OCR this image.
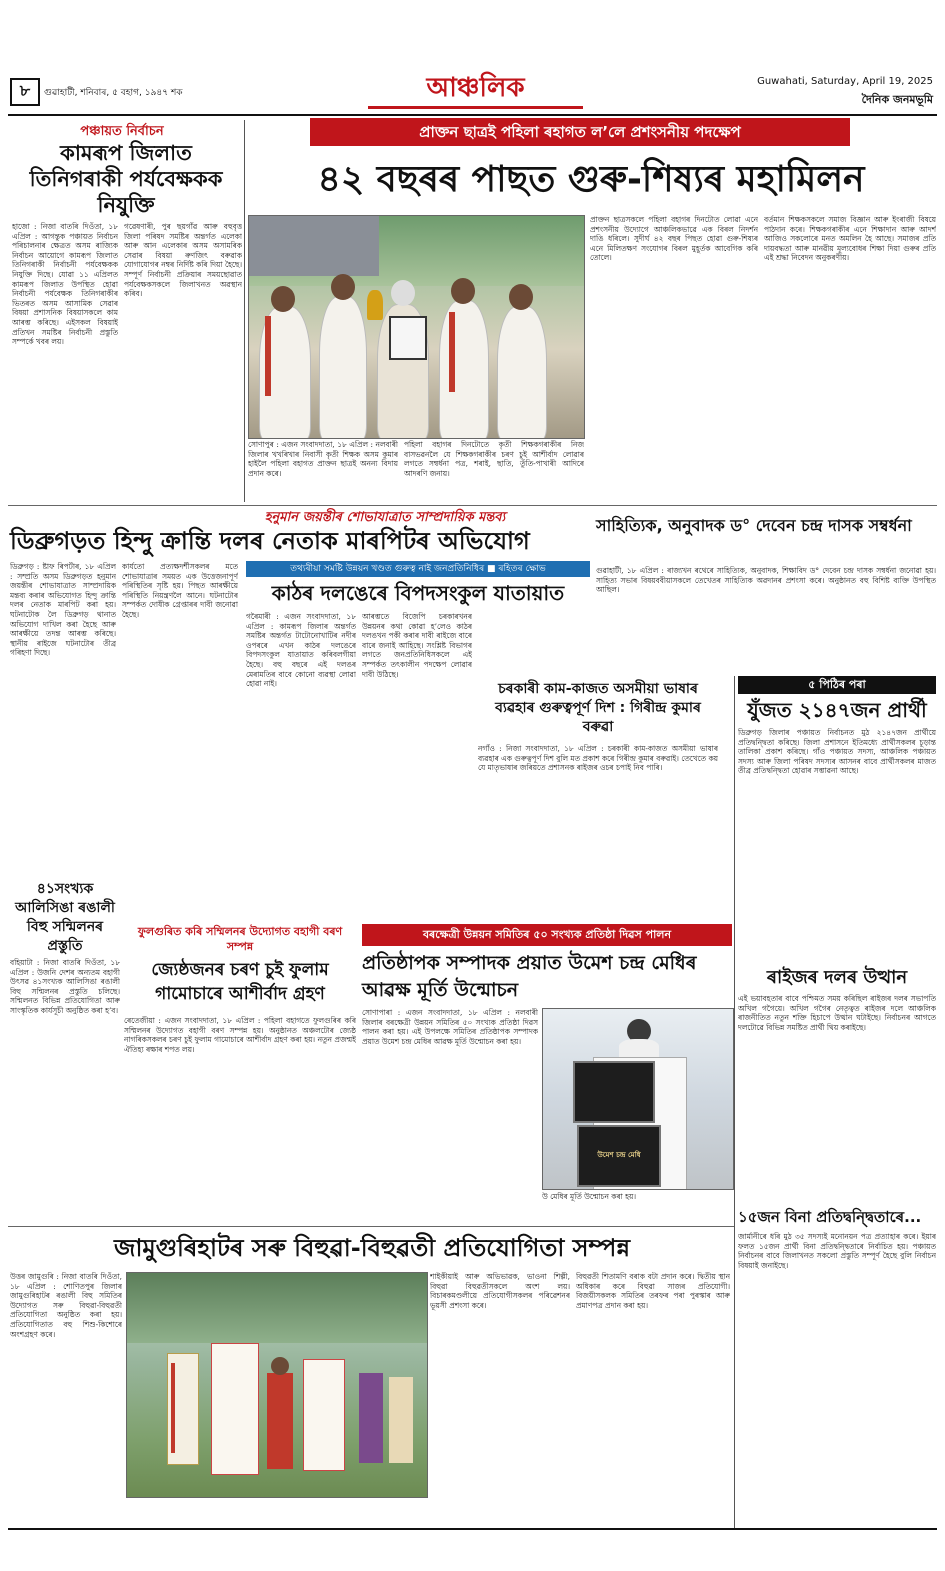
৮	গুৱাহাটী, শনিবাৰ, ৫ বহাগ, ১৯৪৭ শক	আঞ্চলিক	Guwahati, Saturday, April 19, 2025
দৈনিক জনমভূমি
পঞ্চায়ত নিৰ্বাচন
কামৰূপ জিলাত তিনিগৰাকী পৰ্যবেক্ষকক নিযুক্তি
হাজো : নিজা বাতৰি দিওঁতা, ১৮ এপ্ৰিল : আগন্তুক পঞ্চায়ত নিৰ্বাচন পৰিচালনাৰ ক্ষেত্ৰত অসম ৰাজ্যিক নিৰ্বাচন আয়োগে কামৰূপ জিলাত তিনিগৰাকী নিৰ্বাচনী পৰ্যবেক্ষকক নিযুক্তি দিছে। যোৱা ১১ এপ্ৰিলত কামৰূপ জিলাত উপস্থিত হোৱা নিৰ্বাচনী পৰ্যবেক্ষক তিনিগৰাকীৰ ভিতৰত অসম আসামিক সেৱাৰ বিষয়া প্ৰশাসনিক বিষয়াসকলে কাম আৰম্ভ কৰিছে। এইসকল বিষয়াই প্ৰতিখন সমষ্টিৰ নিৰ্বাচনী প্ৰস্তুতি সম্পৰ্কে খবৰ লয়।
গৱেষণাৰী, পুৰ ছয়গাঁৱ আৰু বহুবৃত্ত জিলা পৰিষদ সমষ্টিৰ অন্তৰ্গত এলেকা আৰু আন এলেকাৰ অসম অসামৰিক সেৱাৰ বিষয়া ৰুণজিৎ বৰুৱাক যোগাযোগৰ নম্বৰ নিৰ্দিষ্ট কৰি দিয়া হৈছে। সম্পূৰ্ণ নিৰ্বাচনী প্ৰক্ৰিয়াৰ সময়ছোৱাত পৰ্যবেক্ষকসকলে জিলাখনত অৱস্থান কৰিব।
প্ৰাক্তন ছাত্ৰই পহিলা ৰহাগত ল’লে প্ৰশংসনীয় পদক্ষেপ
৪২ বছৰৰ পাছত গুৰু-শিষ্যৰ মহামিলন
সোণাপুৰ : এজন সংবাদদাতা, ১৮ এপ্ৰিল : নলবাৰী জিলাৰ খখৰিখাৰ নিবাসী কৃতী শিক্ষক অসম কুমাৰ হাইলৈ পহিলা বহাগত প্ৰাক্তন ছাত্ৰই অনন্য বিদায় প্ৰদান কৰে।
পহিলা বহাগৰ দিনটোতে কৃতী শিক্ষকগৰাকীৰ নিজ বাসভৱনলৈ যে শিক্ষকগৰাকীৰ চৰণ চুই আশীৰ্বাদ লোৱাৰ লগতে সম্বৰ্ধনা পত্ৰ, শৰাই, ছাতি, তুঁতি-পাখাৰী আদিৰে আদৰণি জনায়।
প্ৰাক্তন ছাত্ৰসকলে পহিলা বহাগৰ দিনটোত লোৱা এনে প্ৰশংসনীয় উদ্যোগে আঞ্চলিকভাৱে এক বিৰল নিদৰ্শন দাঙি ধৰিলে। সুদীৰ্ঘ ৪২ বছৰ পিছত হোৱা গুৰু-শিষ্যৰ এনে মিলিতক্ষণ সংযোগৰ বিৰল মুহূৰ্তক আবেগিক কৰি তোলে।
বৰ্তমান শিক্ষকসকলে সমাজ বিজ্ঞান আৰু ইংৰাজী বিষয়ে পাঠদান কৰে। শিক্ষকগৰাকীৰ এনে শিক্ষাদান আৰু আদৰ্শ আজিও সকলোৰে মনত অমলিন হৈ আছে। সমাজৰ প্ৰতি দায়বদ্ধতা আৰু মানৱীয় মূল্যবোধৰ শিক্ষা দিয়া গুৰুৰ প্ৰতি এই শ্ৰদ্ধা নিবেদন অনুকৰণীয়।
হনুমান জয়ন্তীৰ শোভাযাত্ৰাত সাম্প্ৰদায়িক মন্তব্য
ডিব্ৰুগড়ত হিন্দু ক্ৰান্তি দলৰ নেতাক মাৰপিটৰ অভিযোগ
ডিব্ৰুগড় : ষ্টাফ ৰিপৰ্টাৰ, ১৮ এপ্ৰিল : সম্প্ৰতি অসম ডিব্ৰুগড়ত হনুমান জয়ন্তীৰ শোভাযাত্ৰাত সাম্প্ৰদায়িক মন্তব্য কৰাৰ অভিযোগত হিন্দু ক্ৰান্তি দলৰ নেতাক মাৰপিট কৰা হয়। ঘটনাটোক লৈ ডিব্ৰুগড় থানাত অভিযোগ দাখিল কৰা হৈছে আৰু আৰক্ষীয়ে তদন্ত আৰম্ভ কৰিছে। স্থানীয় ৰাইজে ঘটনাটোৰ তীব্ৰ গৰিহণা দিছে।
কাৰ্যতো প্ৰত্যক্ষদৰ্শীসকলৰ মতে শোভাযাত্ৰাৰ সময়ত এক উত্তেজনাপূৰ্ণ পৰিস্থিতিৰ সৃষ্টি হয়। পিছত আৰক্ষীয়ে পৰিস্থিতি নিয়ন্ত্ৰণলৈ আনে। ঘটনাটোৰ সম্পৰ্কত দোষীক গ্ৰেপ্তাৰৰ দাবী জনোৱা হৈছে।
সাহিত্যিক, অনুবাদক ড° দেবেন চন্দ্ৰ দাসক সম্বৰ্ধনা
গুৱাহাটী, ১৮ এপ্ৰিল : ৰাজ্যখন ৰথেৰে সাহিত্যিক, অনুবাদক, শিক্ষাবিদ ড° দেবেন চন্দ্ৰ দাসক সম্বৰ্ধনা জনোৱা হয়। সাহিত্য সভাৰ বিষয়ববীয়াসকলে তেখেতৰ সাহিত্যিক অৱদানৰ প্ৰশংসা কৰে। অনুষ্ঠানত বহু বিশিষ্ট ব্যক্তি উপস্থিত আছিল।
তথ্যৰীয়া সমষ্টি উন্নয়ন খণ্ডত গুৰুত্ব নাই জনপ্ৰতিনিধিৰ ■ ৰহিতৰ ক্ষোভ
কাঠৰ দলঙেৰে বিপদসংকুল যাতায়াত
গৰৈমাৰী : এজন সংবাদদাতা, ১৮ এপ্ৰিল : কামৰূপ জিলাৰ অন্তৰ্গত সমষ্টিৰ অন্তৰ্গত টাটোনোখাটিৰ নদীৰ ওপৰৰে এখন কাঠৰ দলঙেৰে বিপদসংকুল যাতায়াত কৰিবলগীয়া হৈছে। বহু বছৰে এই দলঙৰ মেৰামতিৰ বাবে কোনো ব্যৱস্থা লোৱা হোৱা নাই।
আৰম্ভতে বিজেপি চৰকাৰখনৰ উন্নয়নৰ কথা কোৱা হ’লেও কাঠৰ দলঙখন পকী কৰাৰ দাবী ৰাইজে বাৰে বাৰে জনাই আহিছে। সংশ্লিষ্ট বিভাগৰ লগতে জনপ্ৰতিনিধিসকলে এই সম্পৰ্কত তৎকালীন পদক্ষেপ লোৱাৰ দাবী উঠিছে।
চৰকাৰী কাম-কাজত অসমীয়া ভাষাৰ ব্যৱহাৰ গুৰুত্বপূৰ্ণ দিশ : গিৰীন্দ্ৰ কুমাৰ বৰুৱা
নগাঁও : নিজা সংবাদদাতা, ১৮ এপ্ৰিল : চৰকাৰী কাম-কাজত অসমীয়া ভাষাৰ ব্যৱহাৰ এক গুৰুত্বপূৰ্ণ দিশ বুলি মত প্ৰকাশ কৰে গিৰীন্দ্ৰ কুমাৰ বৰুৱাই। তেখেতে কয় যে মাতৃভাষাৰ জৰিয়তে প্ৰশাসনক ৰাইজৰ ওচৰ চপাই নিব পাৰি।
৫ পিঠিৰ পৰা
যুঁজত ২১৪৭জন প্ৰাৰ্থী
ডিব্ৰুগড় জিলাৰ পঞ্চায়ত নিৰ্বাচনত মুঠ ২১৪৭জন প্ৰাৰ্থীয়ে প্ৰতিদ্বন্দ্বিতা কৰিছে। জিলা প্ৰশাসনে ইতিমধ্যে প্ৰাৰ্থীসকলৰ চূড়ান্ত তালিকা প্ৰকাশ কৰিছে। গাঁও পঞ্চায়ত সদস্য, আঞ্চলিক পঞ্চায়ত সদস্য আৰু জিলা পৰিষদ সদস্যৰ আসনৰ বাবে প্ৰাৰ্থীসকলৰ মাজত তীব্ৰ প্ৰতিদ্বন্দ্বিতা হোৱাৰ সম্ভাৱনা আছে।
ৰাইজৰ দলৰ উত্থান
এই ভয়াবহতাৰ বাবে পশ্চিমত সময় কৰিছিল ৰাইজৰ দলৰ সভাপতি অখিল গগৈয়ে। অখিল গগৈৰ নেতৃত্বত ৰাইজৰ দলে আঞ্চলিক ৰাজনীতিত নতুন শক্তি হিচাপে উত্থান ঘটাইছে। নিৰ্বাচনৰ আগতে দলটোৱে বিভিন্ন সমষ্টিত প্ৰাৰ্থী থিয় কৰাইছে।
১৫জন বিনা প্ৰতিদ্বন্দ্বিতাৰে...
জাৰ্মানীৰে ধৰি মুঠ ৩৫ সদস্যই মনোনয়ন পত্ৰ প্ৰত্যাহাৰ কৰে। ইয়াৰ ফলত ১৫জন প্ৰাৰ্থী বিনা প্ৰতিদ্বন্দ্বিতাৰে নিৰ্বাচিত হয়। পঞ্চায়ত নিৰ্বাচনৰ বাবে জিলাখনত সকলো প্ৰস্তুতি সম্পূৰ্ণ হৈছে বুলি নিৰ্বাচন বিষয়াই জনাইছে।
৪১সংখ্যক আলিসিঙা ৰঙালী বিহু সন্মিলনৰ প্ৰস্তুতি
বহিয়াটা : নিজা বাতৰি দিওঁতা, ১৮ এপ্ৰিল : উজনি দেশৰ অন্যতম বহাগী উৎসৱ ৪১সংখ্যক আলিসিঙা ৰঙালী বিহু সন্মিলনৰ প্ৰস্তুতি চলিছে। সন্মিলনত বিভিন্ন প্ৰতিযোগিতা আৰু সাংস্কৃতিক কাৰ্যসূচী অনুষ্ঠিত কৰা হ’ব।
ফুলগুৰিত কৰি সম্মিলনৰ উদ্যোগত বহাগী বৰণ সম্পন্ন
জ্যেষ্ঠজনৰ চৰণ চুই ফুলাম গামোচাৰে আশীৰ্বাদ গ্ৰহণ
ৰেতেজীয়া : এজন সংবাদদাতা, ১৮ এপ্ৰিল : পহিলা বহাগতে ফুলগুৰিৰ কৰি সম্মিলনৰ উদ্যোগত বহাগী বৰণ সম্পন্ন হয়। অনুষ্ঠানত অঞ্চলটোৰ জ্যেষ্ঠ নাগৰিকসকলৰ চৰণ চুই ফুলাম গামোচাৰে আশীৰ্বাদ গ্ৰহণ কৰা হয়। নতুন প্ৰজন্মই ঐতিহ্য ৰক্ষাৰ শপত লয়।
বৰক্ষেত্ৰী উন্নয়ন সমিতিৰ ৫০ সংখ্যক প্ৰতিষ্ঠা দিৱস পালন
প্ৰতিষ্ঠাপক সম্পাদক প্ৰয়াত উমেশ চন্দ্ৰ মেধিৰ আৱক্ষ মূৰ্তি উন্মোচন
সোণাপাৰা : এজন সংবাদদাতা, ১৮ এপ্ৰিল : নলবাৰী জিলাৰ বৰক্ষেত্ৰী উন্নয়ন সমিতিৰ ৫০ সংখ্যক প্ৰতিষ্ঠা দিৱস পালন কৰা হয়। এই উপলক্ষে সমিতিৰ প্ৰতিষ্ঠাপক সম্পাদক প্ৰয়াত উমেশ চন্দ্ৰ মেধিৰ আৱক্ষ মূৰ্তি উন্মোচন কৰা হয়।
উমেশ চন্দ্ৰ মেধি
উ মেধিৰ মূৰ্তি উন্মোচন কৰা হয়।
জামুগুৰিহাটৰ সৰু বিহুৱা-বিহুৱতী প্ৰতিযোগিতা সম্পন্ন
উত্তৰ জামুগুৰি : নিজা বাতৰি দিওঁতা, ১৮ এপ্ৰিল : শোণিতপুৰ জিলাৰ জামুগুৰিহাটৰ ৰঙালী বিহু সমিতিৰ উদ্যোগত সৰু বিহুৱা-বিহুৱতী প্ৰতিযোগিতা অনুষ্ঠিত কৰা হয়। প্ৰতিযোগিতাত বহু শিশু-কিশোৰে অংশগ্ৰহণ কৰে।
শাইকীয়াই আৰু অভিভাৱক, ভাওনা শিল্পী, বিহুৱা বিহুৱতীসকলে অংশ লয়। বিচাৰকমণ্ডলীয়ে প্ৰতিযোগীসকলৰ পৰিৱেশনৰ ভূয়সী প্ৰশংসা কৰে।
বিহুৱতী শিতামণি বৰাক বটা প্ৰদান কৰে। দ্বিতীয় স্থান অধিকাৰ কৰে বিহুৱা সাজৰ প্ৰতিযোগী। বিজয়ীসকলক সমিতিৰ তৰফৰ পৰা পুৰস্কাৰ আৰু প্ৰমাণপত্ৰ প্ৰদান কৰা হয়।
